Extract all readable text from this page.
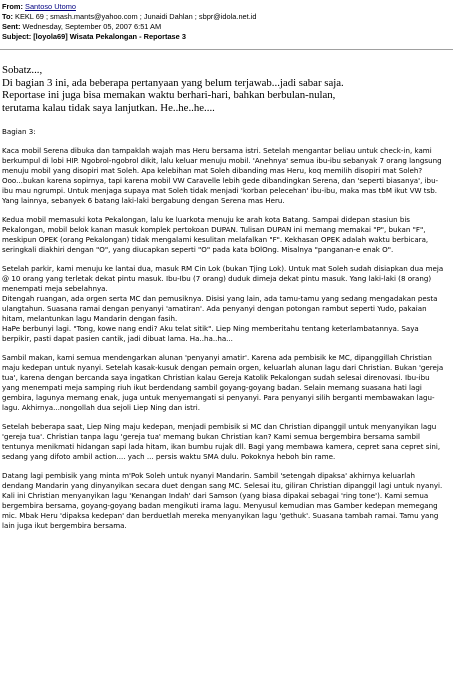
From: Santoso Utomo
To: KEKL 69 ; smash.mants@yahoo.com ; Junaidi Dahlan ; sbpr@idola.net.id
Sent: Wednesday, September 05, 2007 6:51 AM
Subject: [loyola69] Wisata Pekalongan - Reportase 3

Sobatz...,

Di bagian 3 ini, ada beberapa pertanyaan yang belum terjawab...jadi sabar saja.

Reportase ini juga bisa memakan waktu berhari-hari, bahkan berbulan-nulan,

terutama kalau tidak saya lanjutkan. He..he..he....

Bagian 3:

Kaca mobil Serena dibuka dan tampaklah wajah mas Heru bersama istri. Setelah mengantar beliau untuk check-in, kami berkumpul di lobi HIP. Ngobrol-ngobrol dikit, lalu keluar menuju mobil. 'Anehnya' semua ibu-ibu sebanyak 7 orang langsung menuju mobil yang disopiri mat Soleh. Apa kelebihan mat Soleh dibanding mas Heru, koq memilih disopiri mat Soleh? Ooo...bukan karena sopirnya, tapi karena mobil VW Caravelle lebih gede dibandingkan Serena, dan 'seperti biasanya', ibu-ibu mau ngrumpi. Untuk menjaga supaya mat Soleh tidak menjadi 'korban pelecehan' ibu-ibu, maka mas tbM ikut VW tsb. Yang lainnya, sebanyek 6 batang laki-laki bergabung dengan Serena mas Heru.

Kedua mobil memasuki kota Pekalongan, lalu ke luarkota menuju ke arah kota Batang. Sampai didepan stasiun bis Pekalongan, mobil belok kanan masuk komplek pertokoan DUPAN. Tulisan DUPAN ini memang memakai "P", bukan "F", meskipun OPEK (orang Pekalongan) tidak mengalami kesulitan melafalkan "F". Kekhasan OPEK adalah waktu berbicara, seringkali diakhiri dengan "O", yang diucapkan seperti "O" pada kata bOlOng. Misalnya "panganan-e enak O".

Setelah parkir, kami menuju ke lantai dua, masuk RM Cin Lok (bukan Tjing Lok). Untuk mat Soleh sudah disiapkan dua meja @ 10 orang yang terletak dekat pintu masuk. Ibu-Ibu (7 orang) duduk dimeja dekat pintu masuk. Yang laki-laki (8 orang) menempati meja sebelahnya.

Ditengah ruangan, ada orgen serta MC dan pemusiknya. Disisi yang lain, ada tamu-tamu yang sedang mengadakan pesta ulangtahun. Suasana ramai dengan penyanyi 'amatiran'. Ada penyanyi dengan potongan rambut seperti Yudo, pakaian hitam, melantunkan lagu Mandarin dengan fasih.

HaPe berbunyi lagi. "Tong, kowe nang endi? Aku telat sitik". Liep Ning memberitahu tentang keterlambatannya. Saya berpikir, pasti dapat pasien cantik, jadi dibuat lama. Ha..ha..ha...

Sambil makan, kami semua mendengarkan alunan 'penyanyi amatir'. Karena ada pembisik ke MC, dipanggillah Christian maju kedepan untuk nyanyi. Setelah kasak-kusuk dengan pemain orgen, keluarlah alunan lagu dari Christian. Bukan 'gereja tua', karena dengan bercanda saya ingatkan Christian kalau Gereja Katolik Pekalongan sudah selesai direnovasi. Ibu-ibu yang menempati meja samping riuh ikut berdendang sambil goyang-goyang badan. Selain memang suasana hati lagi gembira, lagunya memang enak, juga untuk menyemangati si penyanyi. Para penyanyi silih berganti membawakan lagu-lagu. Akhirnya...nongollah dua sejoli Liep Ning dan istri.

Setelah beberapa saat, Liep Ning maju kedepan, menjadi pembisik si MC dan Christian dipanggil untuk menyanyikan lagu 'gereja tua'. Christian tanpa lagu 'gereja tua' memang bukan Christian kan? Kami semua bergembira bersama sambil tentunya menikmati hidangan sapi lada hitam, ikan bumbu rujak dll. Bagi yang membawa kamera, cepret sana cepret sini, sedang yang difoto ambil action.... yach ... persis waktu SMA dulu. Pokoknya heboh bin rame.

Datang lagi pembisik yang minta m'Pok Soleh untuk nyanyi Mandarin. Sambil 'setengah dipaksa' akhirnya keluarlah dendang Mandarin yang dinyanyikan secara duet dengan sang MC. Selesai itu, giliran Christian dipanggil lagi untuk nyanyi. Kali ini Christian menyanyikan lagu 'Kenangan Indah' dari Samson (yang biasa dipakai sebagai 'ring tone'). Kami semua bergembira bersama, goyang-goyang badan mengikuti irama lagu. Menyusul kemudian mas Gamber kedepan memegang mic. Mbak Heru 'dipaksa kedepan' dan berduetlah mereka menyanyikan lagu 'gethuk'. Suasana tambah ramai. Tamu yang lain juga ikut bergembira bersama.
